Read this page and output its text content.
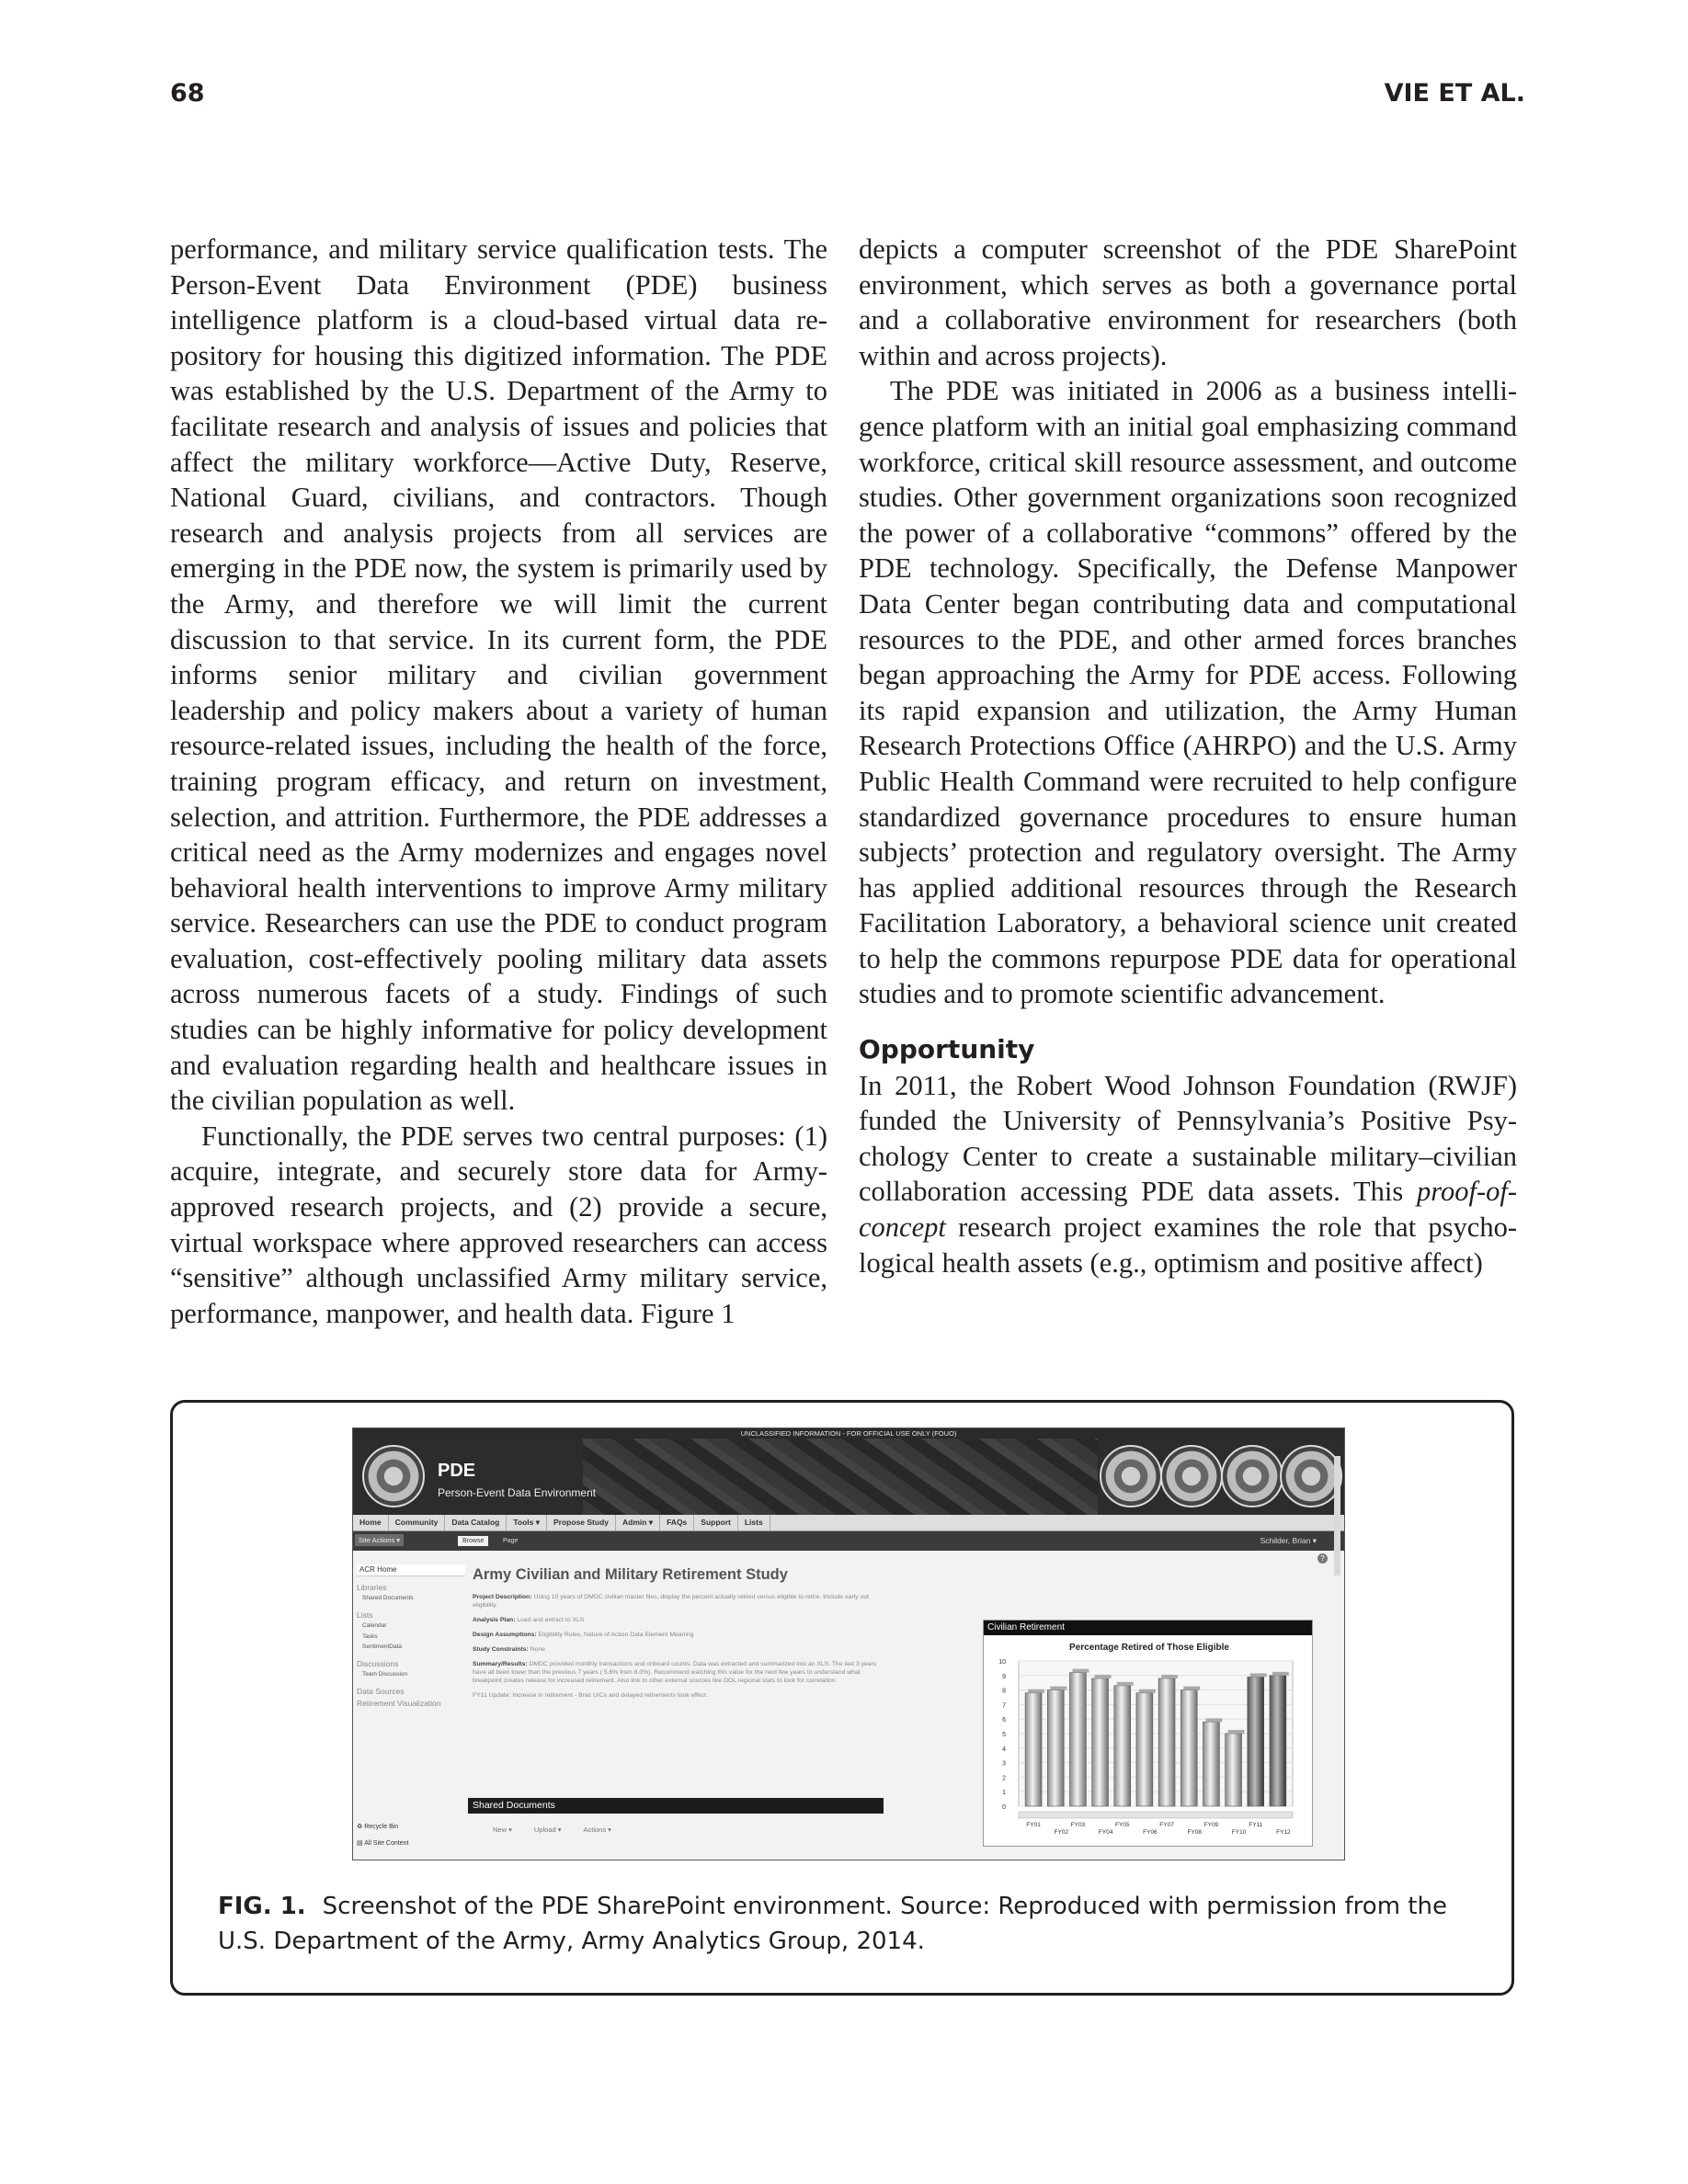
68	VIE ET AL.

performance, and military service qualification tests. The Person-Event Data Environment (PDE) business intelligence platform is a cloud-based virtual data repository for housing this digitized information. The PDE was established by the U.S. Department of the Army to facilitate research and analysis of issues and policies that affect the military workforce—Active Duty, Reserve, National Guard, civilians, and contractors. Though research and analysis projects from all services are emerging in the PDE now, the system is primarily used by the Army, and therefore we will limit the current discussion to that service. In its current form, the PDE informs senior military and civilian government leadership and policy makers about a variety of human resource-related issues, including the health of the force, training program efficacy, and return on investment, selection, and attrition. Furthermore, the PDE addresses a critical need as the Army modernizes and engages novel behavioral health interventions to improve Army military service. Researchers can use the PDE to conduct program evaluation, cost-effectively pooling military data assets across numerous facets of a study. Findings of such studies can be highly informative for policy development and evaluation regarding health and healthcare issues in the civilian population as well.

Functionally, the PDE serves two central purposes: (1) acquire, integrate, and securely store data for Army-approved research projects, and (2) provide a secure, virtual workspace where approved researchers can access “sensitive” although unclassified Army military service, performance, manpower, and health data. Figure 1

depicts a computer screenshot of the PDE SharePoint environment, which serves as both a governance portal and a collaborative environment for researchers (both within and across projects).

The PDE was initiated in 2006 as a business intelligence platform with an initial goal emphasizing command workforce, critical skill resource assessment, and outcome studies. Other government organizations soon recognized the power of a collaborative “commons” offered by the PDE technology. Specifically, the Defense Manpower Data Center began contributing data and computational resources to the PDE, and other armed forces branches began approaching the Army for PDE access. Following its rapid expansion and utilization, the Army Human Research Protections Office (AHRPO) and the U.S. Army Public Health Command were recruited to help configure standardized governance procedures to ensure human subjects’ protection and regulatory oversight. The Army has applied additional resources through the Research Facilitation Laboratory, a behavioral science unit created to help the commons repurpose PDE data for operational studies and to promote scientific advancement.

Opportunity

In 2011, the Robert Wood Johnson Foundation (RWJF) funded the University of Pennsylvania’s Positive Psychology Center to create a sustainable military–civilian collaboration accessing PDE data assets. This proof-of-concept research project examines the role that psychological health assets (e.g., optimism and positive affect)

UNCLASSIFIED INFORMATION - FOR OFFICIAL USE ONLY (FOUO)
PDE
Person-Event Data Environment
Home Community Data Catalog Tools ▾ Propose Study Admin ▾ FAQs Support Lists
Site Actions ▾	Browse	Page	Schilder, Brian ▾
?
ACR Home
Libraries
Shared Documents
Lists
Calendar
Tasks
SentimentData
Discussions
Team Discussion
Data Sources
Retirement Visualization
♻ Recycle Bin
▤ All Site Content
Army Civilian and Military Retirement Study
Project Description: Using 10 years of DMDC civilian master files, display the percent actually retired versus eligible to retire. Include early out eligibility.
Analysis Plan: Load and extract to XLS
Design Assumptions: Eligibility Rules, Nature of Action Data Element Meaning
Study Constraints: None
Summary/Results: DMDC provided monthly transactions and onboard counts. Data was extracted and summarized into an XLS. The last 3 years have all been lower than the previous 7 years ( 5.6% from 8.0%). Recommend watching this value for the next few years to understand what breakpoint creates release for increased retirement. Also link to other external sources like DOL regional stats to look for correlation.
FY11 Update: Increase in retirement - Brac UICs and delayed retirements took effect.
Shared Documents
New ▾	Upload ▾	Actions ▾
Civilian Retirement
Percentage Retired of Those Eligible
0
1
2
3
4
5
6
7
8
9
10
FY01
FY02
FY03
FY04
FY05
FY06
FY07
FY08
FY09
FY10
FY11
FY12
FIG. 1. Screenshot of the PDE SharePoint environment. Source: Reproduced with permission from the U.S. Department of the Army, Army Analytics Group, 2014.
